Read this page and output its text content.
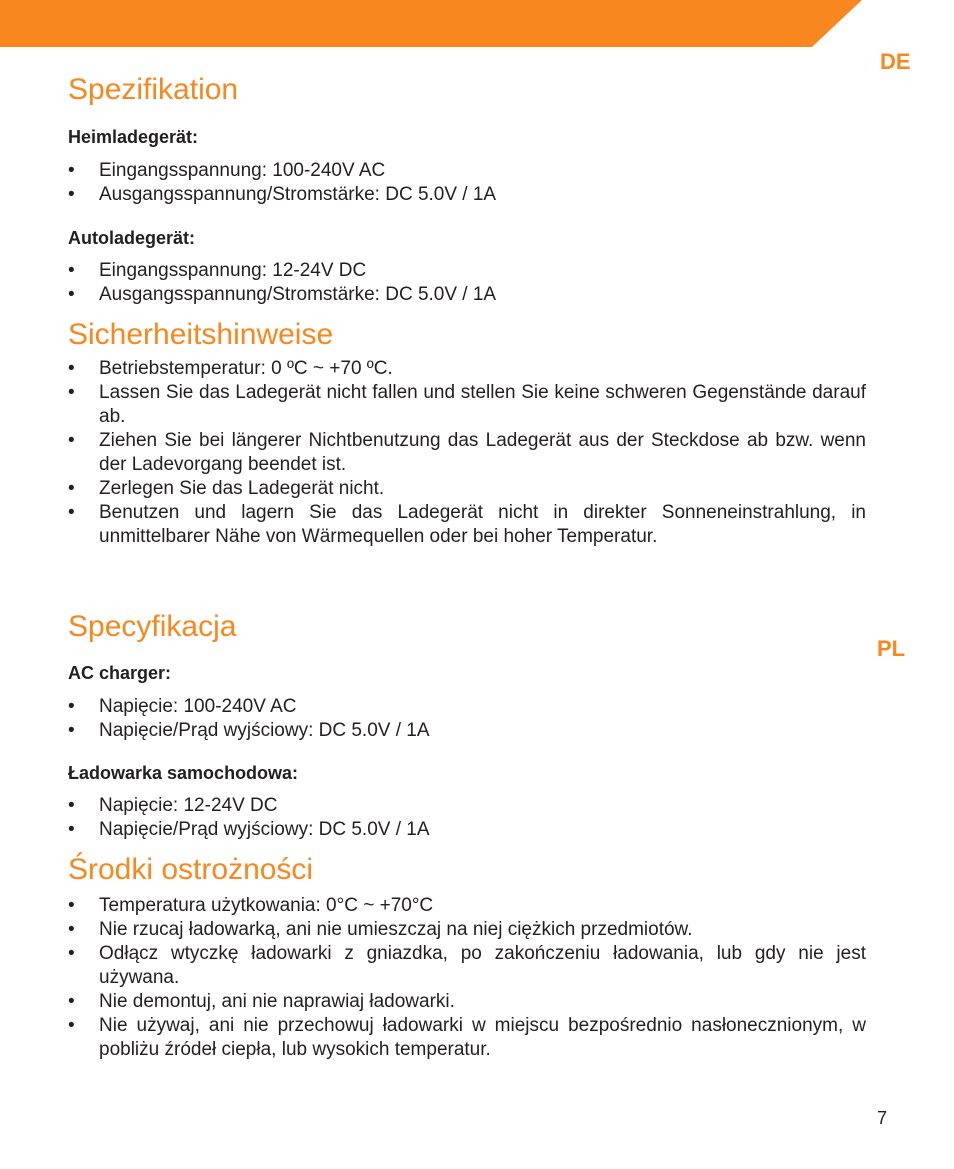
DE
Spezifikation
Heimladegerät:
• Eingangsspannung: 100-240V AC
• Ausgangsspannung/Stromstärke: DC 5.0V / 1A
Autoladegerät:
• Eingangsspannung: 12-24V DC
• Ausgangsspannung/Stromstärke: DC 5.0V / 1A
Sicherheitshinweise
• Betriebstemperatur: 0 ºC ~ +70 ºC.
• Lassen Sie das Ladegerät nicht fallen und stellen Sie keine schweren Gegenstände darauf ab.
• Ziehen Sie bei längerer Nichtbenutzung das Ladegerät aus der Steckdose ab bzw. wenn der Ladevorgang beendet ist.
• Zerlegen Sie das Ladegerät nicht.
• Benutzen und lagern Sie das Ladegerät nicht in direkter Sonneneinstrahlung, in unmittelbarer Nähe von Wärmequellen oder bei hoher Temperatur.
PL
Specyfikacja
AC charger:
• Napięcie: 100-240V AC
• Napięcie/Prąd wyjściowy: DC 5.0V / 1A
Ładowarka samochodowa:
• Napięcie: 12-24V DC
• Napięcie/Prąd wyjściowy: DC 5.0V / 1A
Środki ostrożności
• Temperatura użytkowania: 0°C ~ +70°C
• Nie rzucaj ładowarką, ani nie umieszczaj na niej ciężkich przedmiotów.
• Odłącz wtyczkę ładowarki z gniazdka, po zakończeniu ładowania, lub gdy nie jest używana.
• Nie demontuj, ani nie naprawiaj ładowarki.
• Nie używaj, ani nie przechowuj ładowarki w miejscu bezpośrednio nasłonecznionym, w pobliżu źródeł ciepła, lub wysokich temperatur.
7
